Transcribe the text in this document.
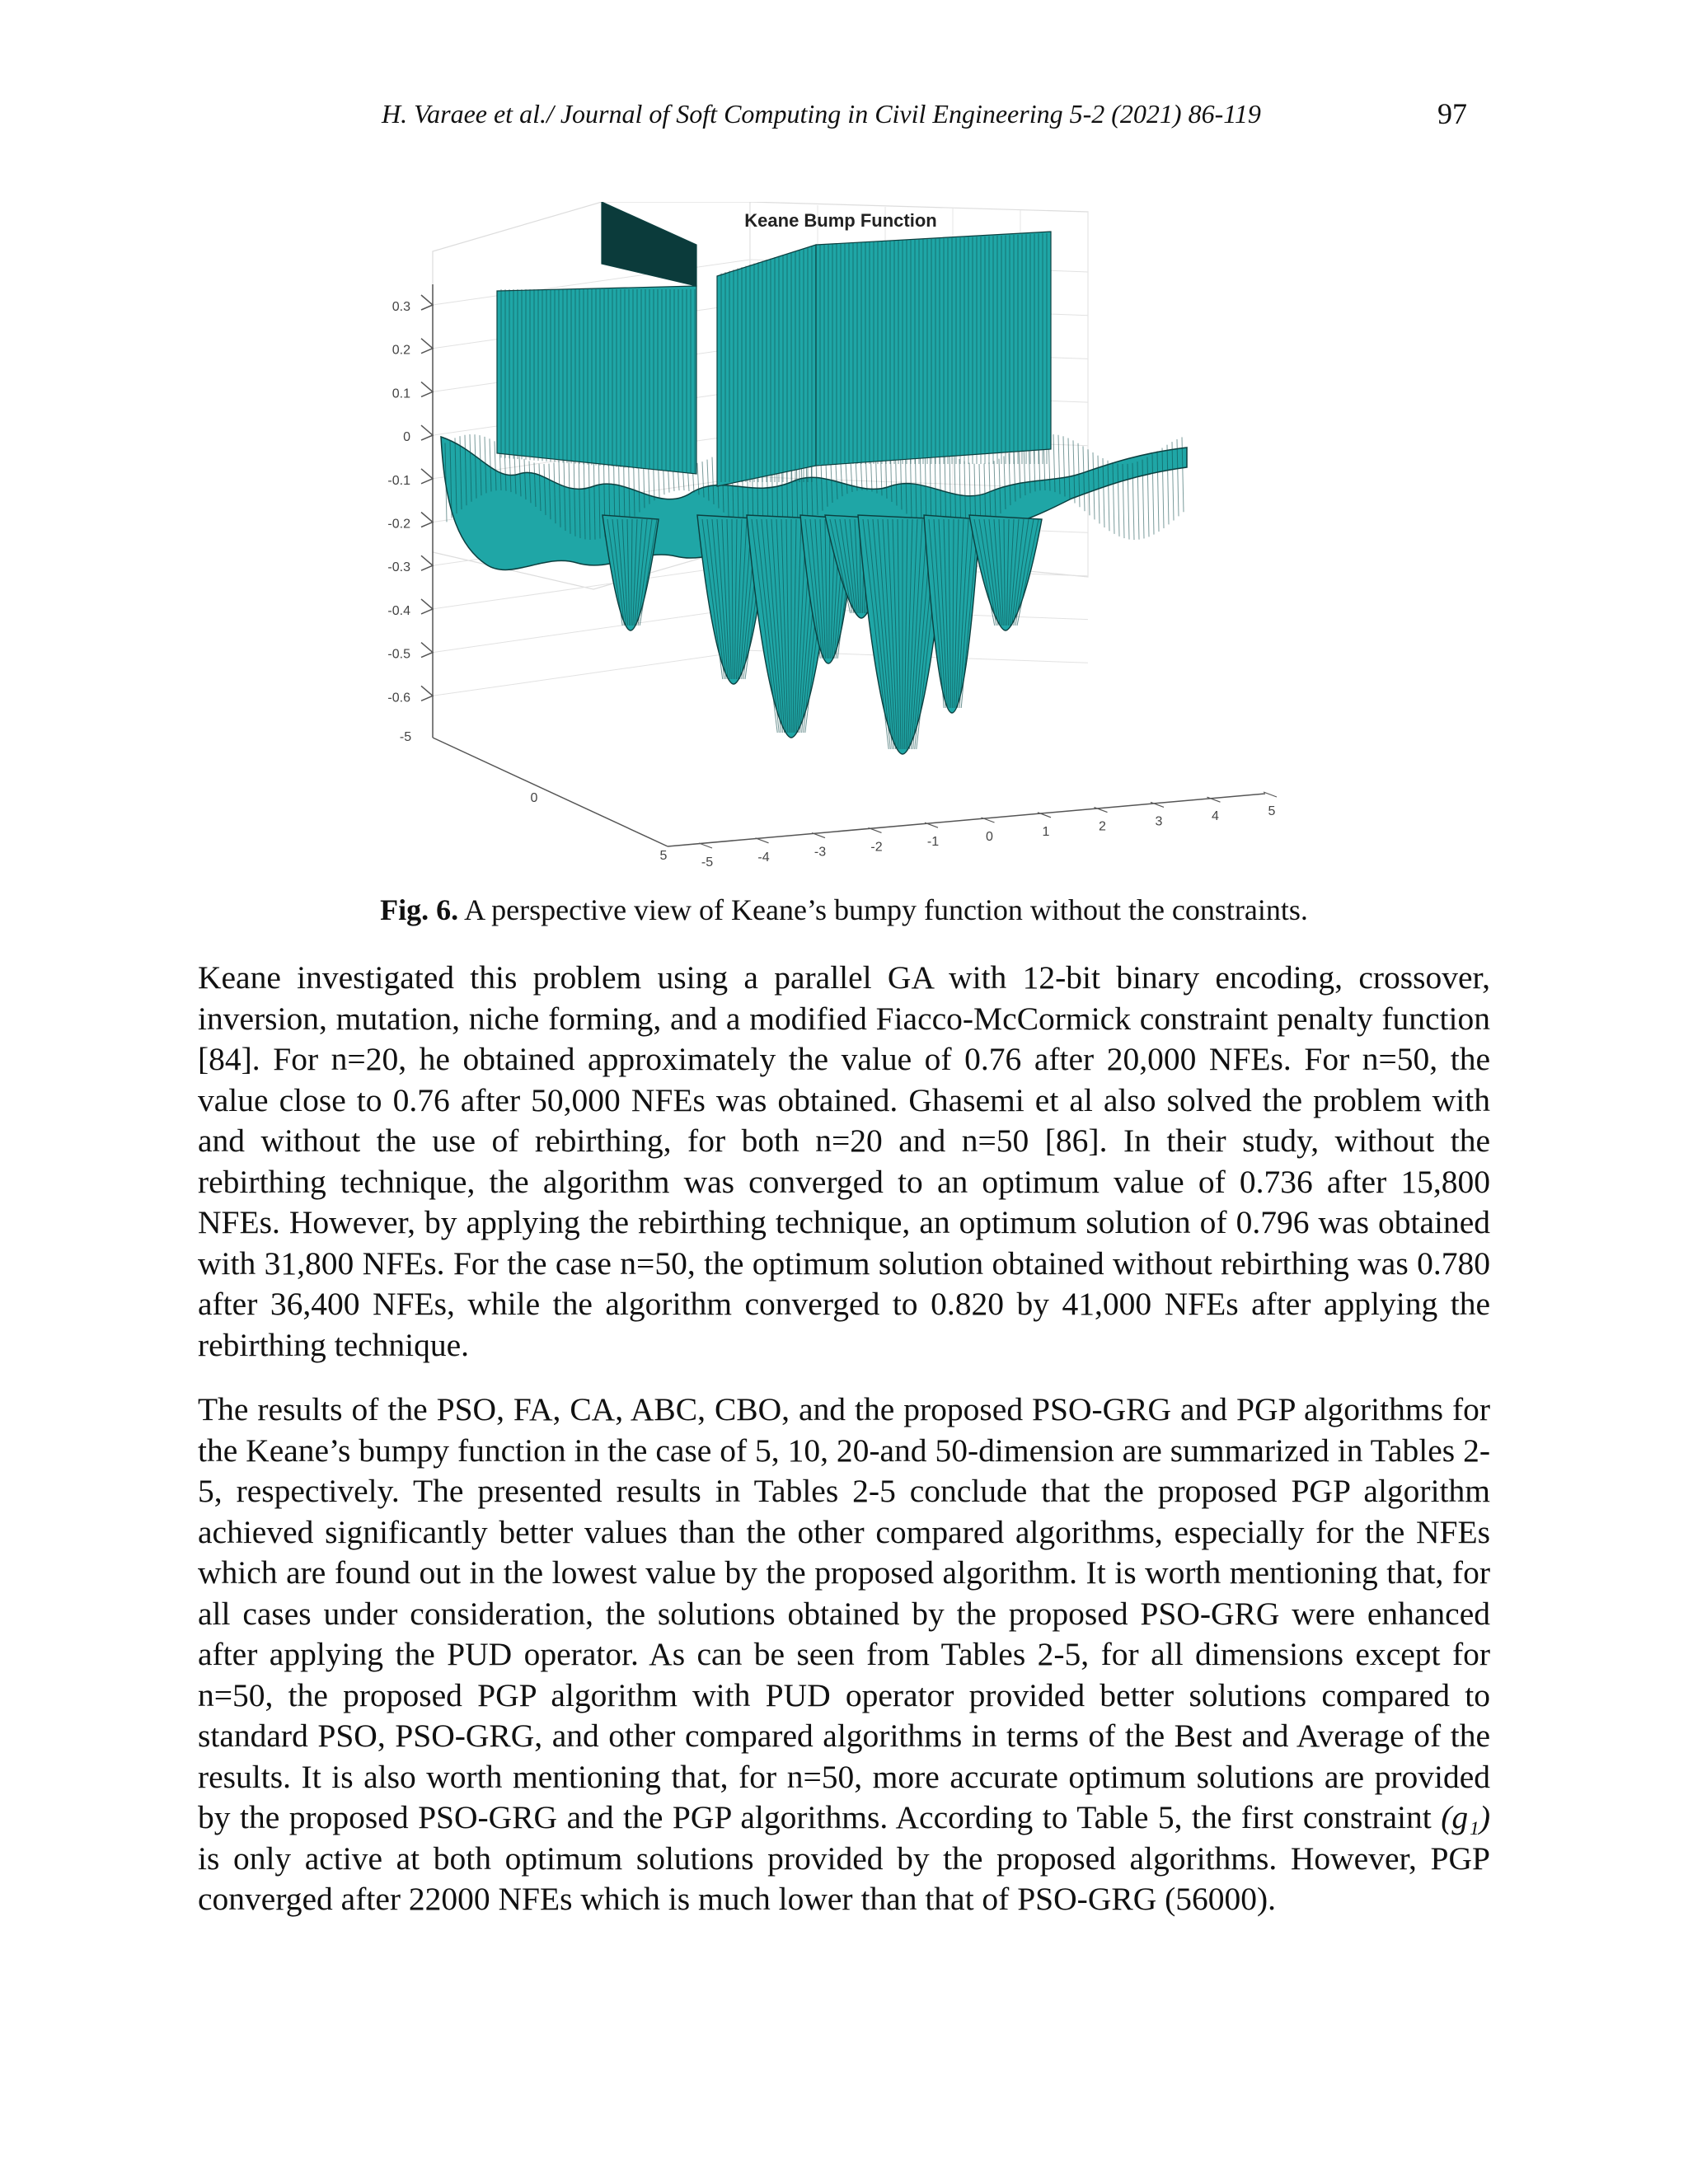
H. Varaee et al./ Journal of Soft Computing in Civil Engineering 5-2 (2021) 86-119	97
0.3
0.2
0.1
0
-0.1
-0.2
-0.3
-0.4
-0.5
-0.6
-5
0
5	-5	-4	-3	-2	-1	0	1	2	3	4	5
Keane Bump Function
Fig. 6. A perspective view of Keane’s bumpy function without the constraints.

Keane investigated this problem using a parallel GA with 12-bit binary encoding, crossover, inversion, mutation, niche forming, and a modified Fiacco-McCormick constraint penalty function [84]. For n=20, he obtained approximately the value of 0.76 after 20,000 NFEs. For n=50, the value close to 0.76 after 50,000 NFEs was obtained. Ghasemi et al also solved the problem with and without the use of rebirthing, for both n=20 and n=50 [86]. In their study, without the rebirthing technique, the algorithm was converged to an optimum value of 0.736 after 15,800 NFEs. However, by applying the rebirthing technique, an optimum solution of 0.796 was obtained with 31,800 NFEs. For the case n=50, the optimum solution obtained without rebirthing was 0.780 after 36,400 NFEs, while the algorithm converged to 0.820 by 41,000 NFEs after applying the rebirthing technique.

The results of the PSO, FA, CA, ABC, CBO, and the proposed PSO-GRG and PGP algorithms for the Keane’s bumpy function in the case of 5, 10, 20-and 50-dimension are summarized in Tables 2-5, respectively. The presented results in Tables 2-5 conclude that the proposed PGP algorithm achieved significantly better values than the other compared algorithms, especially for the NFEs which are found out in the lowest value by the proposed algorithm. It is worth mentioning that, for all cases under consideration, the solutions obtained by the proposed PSO-GRG were enhanced after applying the PUD operator. As can be seen from Tables 2-5, for all dimensions except for n=50, the proposed PGP algorithm with PUD operator provided better solutions compared to standard PSO, PSO-GRG, and other compared algorithms in terms of the Best and Average of the results. It is also worth mentioning that, for n=50, more accurate optimum solutions are provided by the proposed PSO-GRG and the PGP algorithms. According to Table 5, the first constraint (g₁) is only active at both optimum solutions provided by the proposed algorithms. However, PGP converged after 22000 NFEs which is much lower than that of PSO-GRG (56000).
